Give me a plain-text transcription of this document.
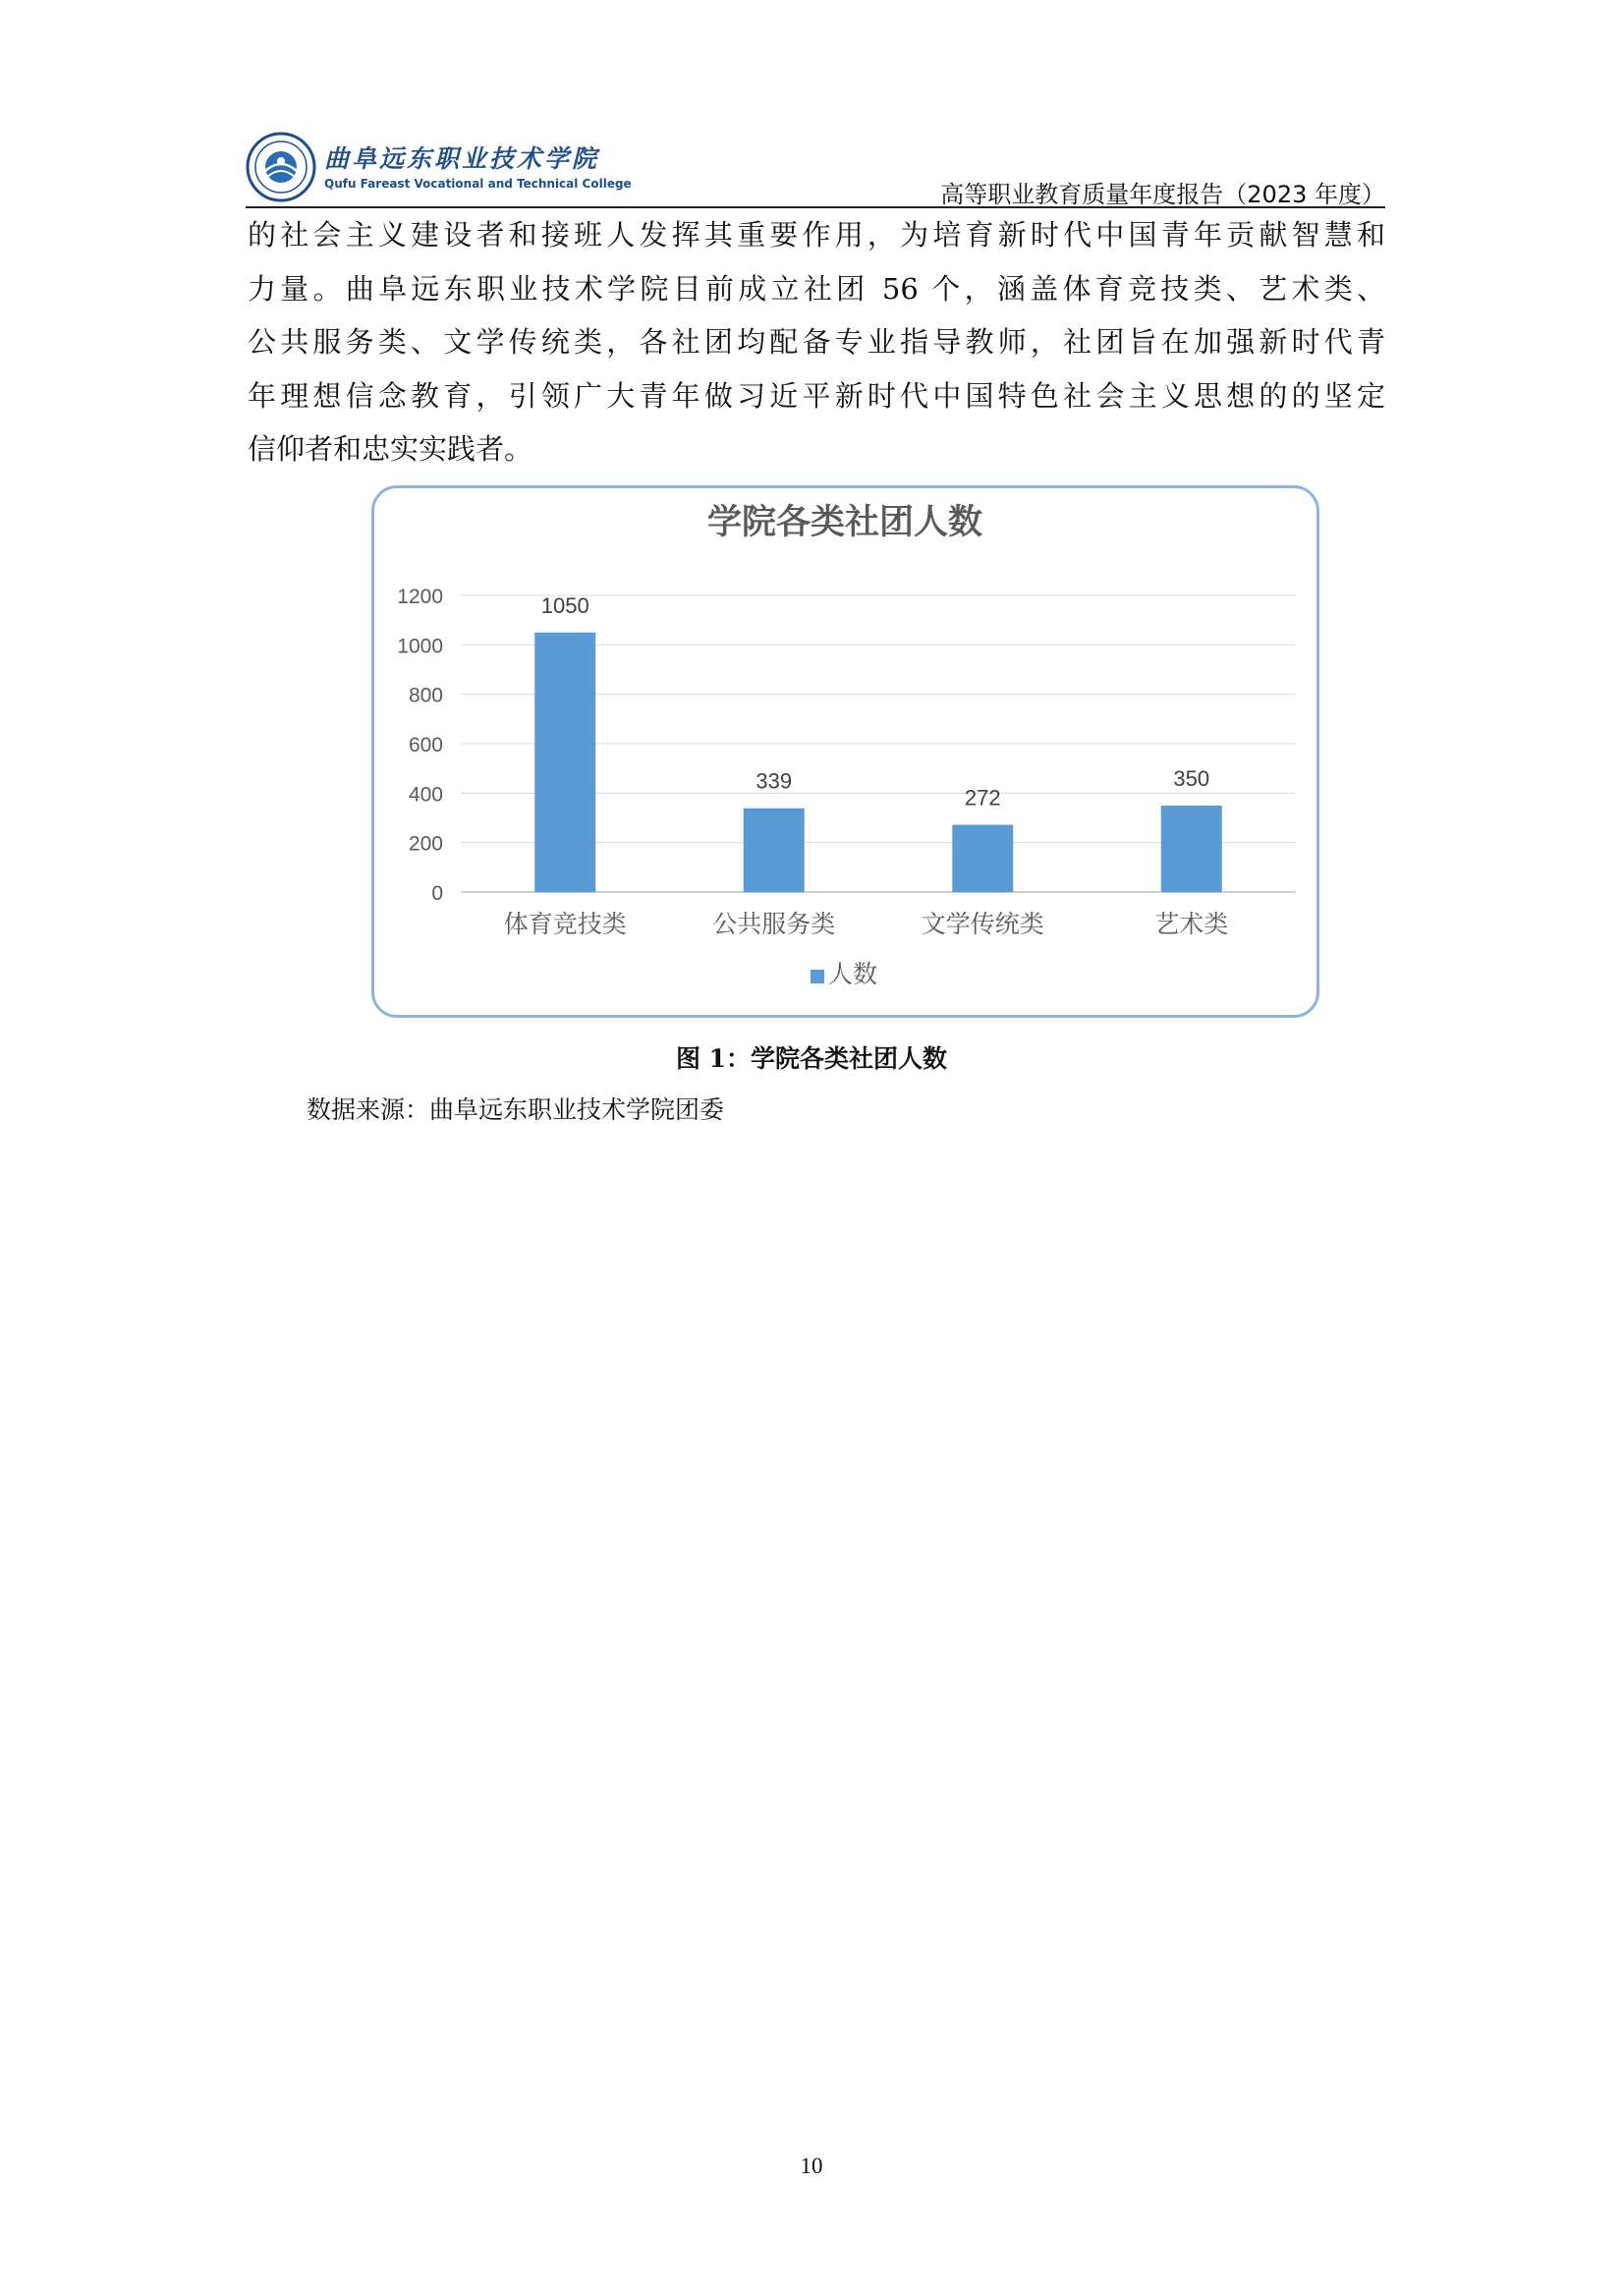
曲阜远东职业技术学院
Qufu Fareast Vocational and Technical College	高等职业教育质量年度报告（2023 年度）

的社会主义建设者和接班人发挥其重要作用，为培育新时代中国青年贡献智慧和

力量。曲阜远东职业技术学院目前成立社团 56 个，涵盖体育竞技类、艺术类、

公共服务类、文学传统类，各社团均配备专业指导教师，社团旨在加强新时代青

年理想信念教育，引领广大青年做习近平新时代中国特色社会主义思想的的坚定

信仰者和忠实实践者。

学院各类社团人数
0
200
400
600
800
1000
1200	1050
体育竞技类
339
公共服务类
272
文学传统类
350
艺术类
人数
图 1：学院各类社团人数
数据来源：曲阜远东职业技术学院团委
10
